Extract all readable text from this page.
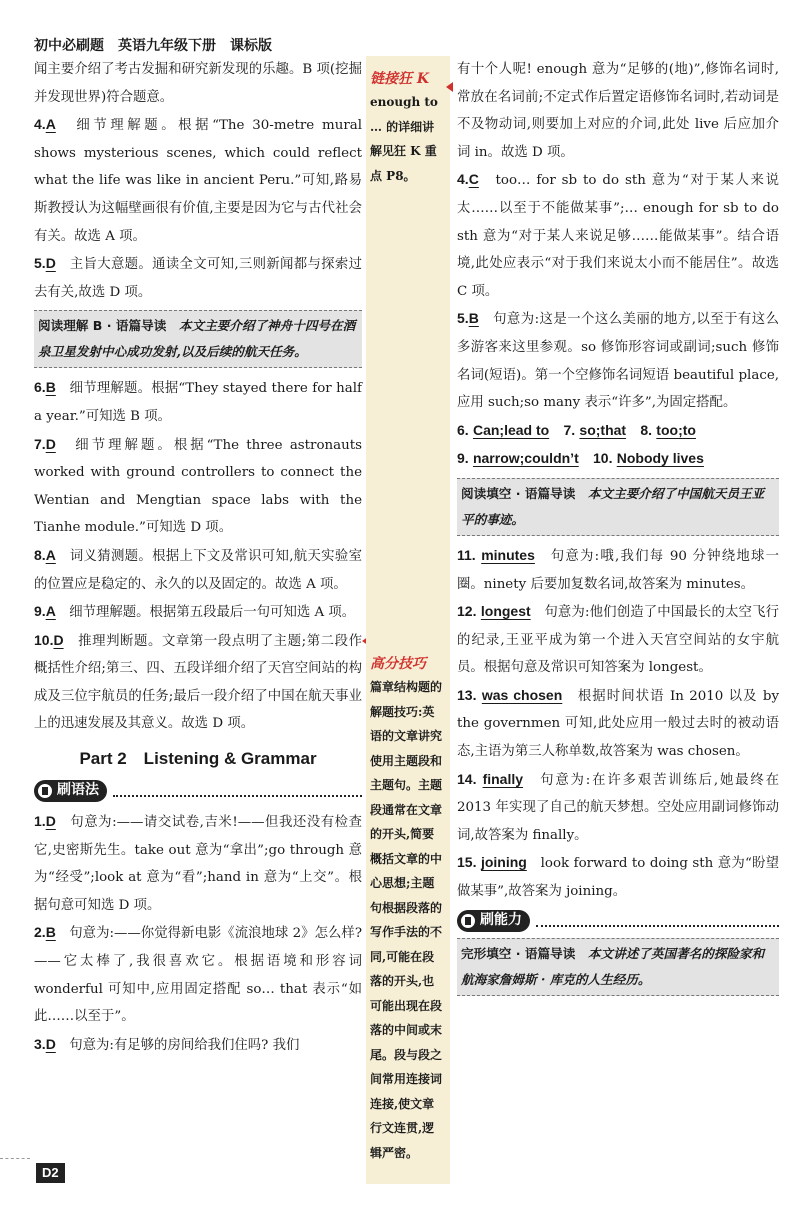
初中必刷题　英语九年级下册　课标版

闻主要介绍了考古发掘和研究新发现的乐趣。B 项(挖掘并发现世界)符合题意。

4.A　 细节理解题。根据“The 30-metre mural shows mysterious scenes, which could reflect what the life was like in ancient Peru.”可知,路易斯教授认为这幅壁画很有价值,主要是因为它与古代社会有关。故选 A 项。

5.D　 主旨大意题。通读全文可知,三则新闻都与探索过去有关,故选 D 项。

阅读理解 B · 语篇导读　 本文主要介绍了神舟十四号在酒泉卫星发射中心成功发射,以及后续的航天任务。

6.B　 细节理解题。根据“They stayed there for half a year.”可知选 B 项。

7.D　 细节理解题。根据“The three astronauts worked with ground controllers to connect the Wentian and Mengtian space labs with the Tianhe module.”可知选 D 项。

8.A　 词义猜测题。根据上下文及常识可知,航天实验室的位置应是稳定的、永久的以及固定的。故选 A 项。

9.A　 细节理解题。根据第五段最后一句可知选 A 项。

10.D　 推理判断题。文章第一段点明了主题;第二段作概括性介绍;第三、四、五段详细介绍了天宫空间站的构成及三位宇航员的任务;最后一段介绍了中国在航天事业上的迅速发展及其意义。故选 D 项。

Part 2　Listening & Grammar
刷语法

1.D　 句意为:——请交试卷,吉米!——但我还没有检查它,史密斯先生。take out 意为“拿出”;go through 意为“经受”;look at 意为“看”;hand in 意为“上交”。根据句意可知选 D 项。

2.B　 句意为:——你觉得新电影《流浪地球 2》怎么样?——它太棒了,我很喜欢它。根据语境和形容词 wonderful 可知中,应用固定搭配 so… that 表示“如此……以至于”。

3.D　 句意为:有足够的房间给我们住吗? 我们

链接狂 K
enough to … 的详细讲解见狂 K 重点 P8。
高分技巧
篇章结构题的解题技巧:英语的文章讲究使用主题段和主题句。主题段通常在文章的开头,简要概括文章的中心思想;主题句根据段落的写作手法的不同,可能在段落的开头,也可能出现在段落的中间或末尾。段与段之间常用连接词连接,使文章行文连贯,逻辑严密。

有十个人呢! enough 意为“足够的(地)”,修饰名词时,常放在名词前;不定式作后置定语修饰名词时,若动词是不及物动词,则要加上对应的介词,此处 live 后应加介词 in。故选 D 项。

4.C　 too… for sb to do sth 意为“对于某人来说太……以至于不能做某事”;… enough for sb to do sth 意为“对于某人来说足够……能做某事”。结合语境,此处应表示“对于我们来说太小而不能居住”。故选 C 项。

5.B　 句意为:这是一个这么美丽的地方,以至于有这么多游客来这里参观。so 修饰形容词或副词;such 修饰名词(短语)。第一个空修饰名词短语 beautiful place,应用 such;so many 表示“许多”,为固定搭配。

6. Can;lead to 7. so;that 8. too;to

9. narrow;couldn’t 10. Nobody lives

阅读填空 · 语篇导读　 本文主要介绍了中国航天员王亚平的事迹。

11. minutes　 句意为:哦,我们每 90 分钟绕地球一圈。ninety 后要加复数名词,故答案为 minutes。

12. longest　 句意为:他们创造了中国最长的太空飞行的纪录,王亚平成为第一个进入天宫空间站的女宇航员。根据句意及常识可知答案为 longest。

13. was chosen　 根据时间状语 In 2010 以及 by the governmen 可知,此处应用一般过去时的被动语态,主语为第三人称单数,故答案为 was chosen。

14. finally　 句意为:在许多艰苦训练后,她最终在 2013 年实现了自己的航天梦想。空处应用副词修饰动词,故答案为 finally。

15. joining　 look forward to doing sth 意为“盼望做某事”,故答案为 joining。

刷能力
完形填空 · 语篇导读　 本文讲述了英国著名的探险家和航海家詹姆斯 · 库克的人生经历。
D2
